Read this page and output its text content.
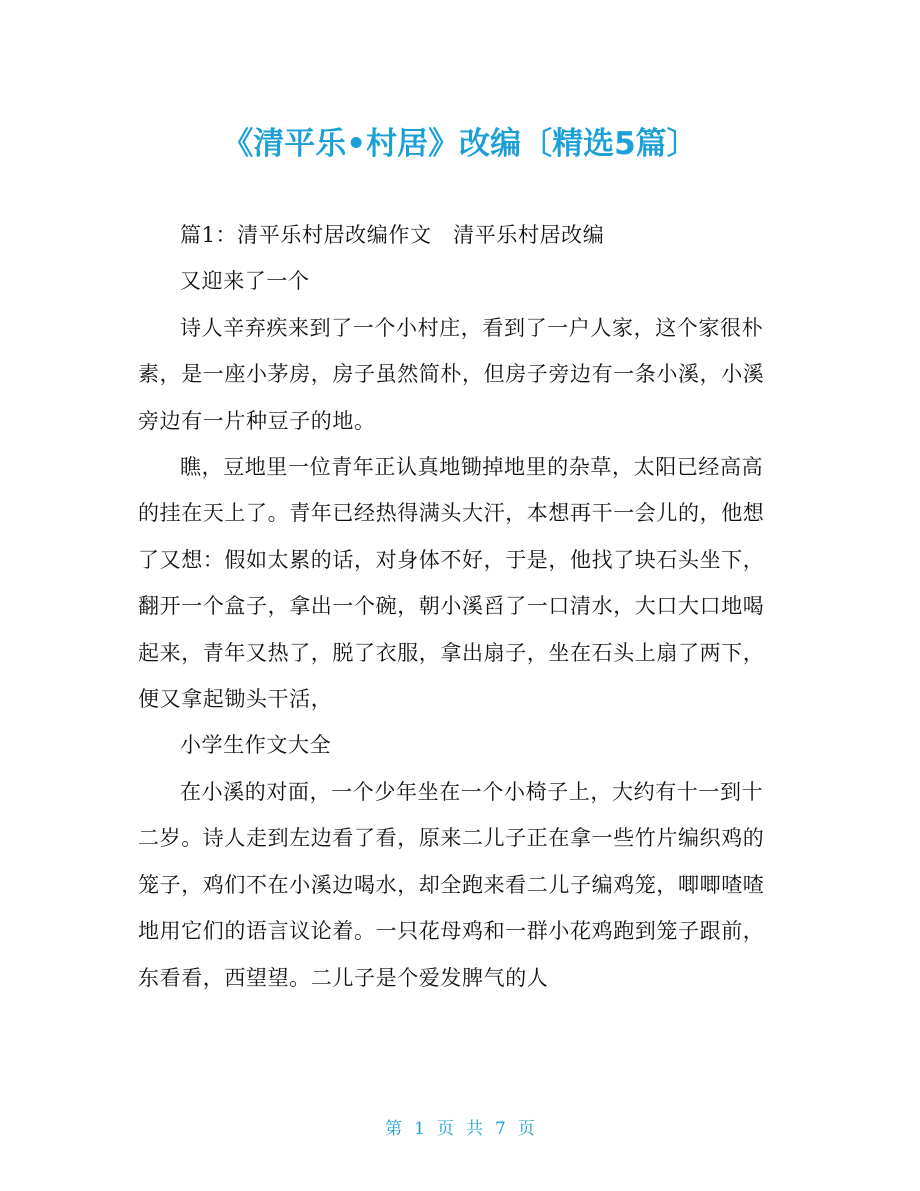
《清平乐•村居》改编〔精选5篇〕

篇1：清平乐村居改编作文　清平乐村居改编

又迎来了一个

诗人辛弃疾来到了一个小村庄，看到了一户人家，这个家很朴素，是一座小茅房，房子虽然简朴，但房子旁边有一条小溪，小溪旁边有一片种豆子的地。

瞧，豆地里一位青年正认真地锄掉地里的杂草，太阳已经高高的挂在天上了。青年已经热得满头大汗，本想再干一会儿的，他想了又想：假如太累的话，对身体不好，于是，他找了块石头坐下，翻开一个盒子，拿出一个碗，朝小溪舀了一口清水，大口大口地喝起来，青年又热了，脱了衣服，拿出扇子，坐在石头上扇了两下，便又拿起锄头干活，

小学生作文大全

在小溪的对面，一个少年坐在一个小椅子上，大约有十一到十二岁。诗人走到左边看了看，原来二儿子正在拿一些竹片编织鸡的笼子，鸡们不在小溪边喝水，却全跑来看二儿子编鸡笼，唧唧喳喳地用它们的语言议论着。一只花母鸡和一群小花鸡跑到笼子跟前，东看看，西望望。二儿子是个爱发脾气的人

第 1 页 共 7 页
